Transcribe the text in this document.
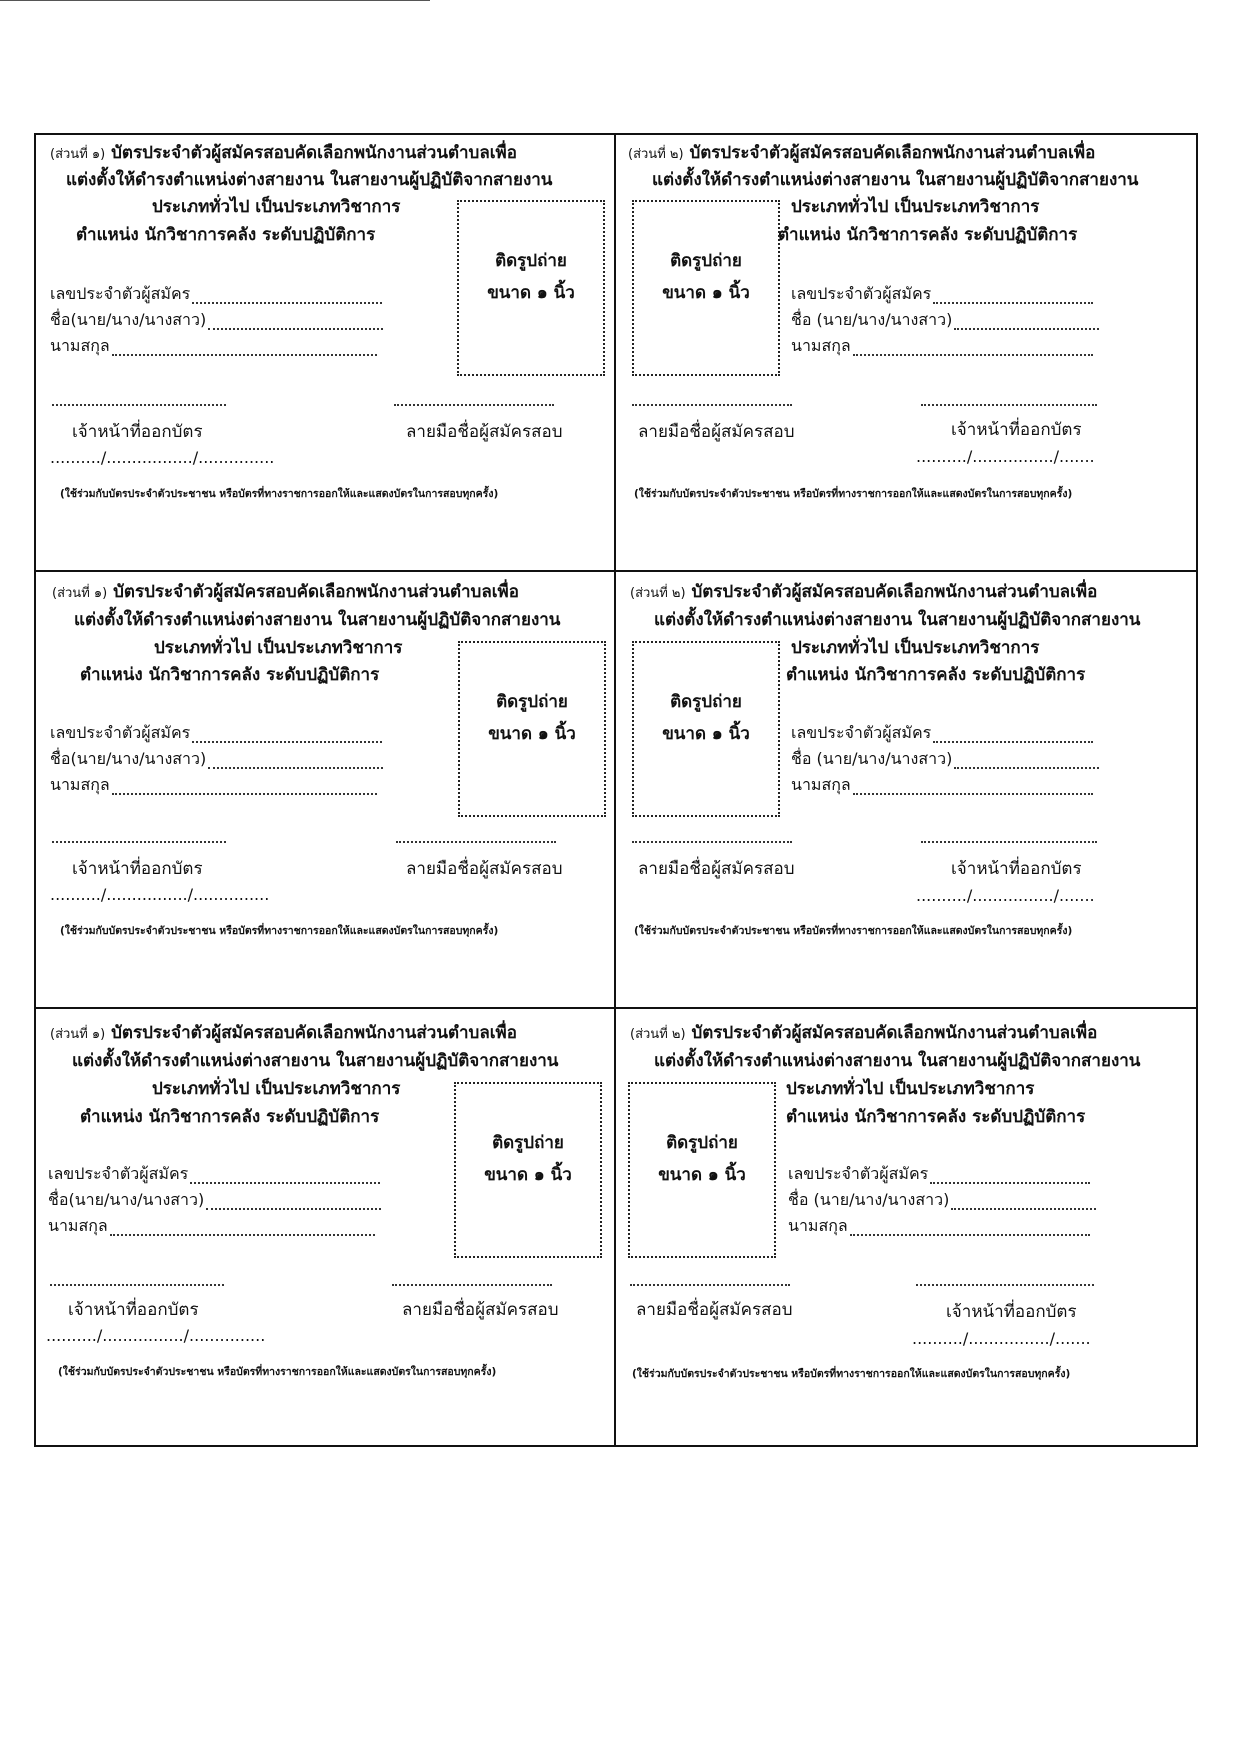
(ส่วนที่ ๑) บัตรประจำตัวผู้สมัครสอบคัดเลือกพนักงานส่วนตำบลเพื่อ
แต่งตั้งให้ดำรงตำแหน่งต่างสายงาน ในสายงานผู้ปฏิบัติจากสายงาน
ประเภททั่วไป เป็นประเภทวิชาการ
ตำแหน่ง นักวิชาการคลัง ระดับปฏิบัติการ
ติดรูปถ่าย
ขนาด ๑ นิ้ว
เลขประจำตัวผู้สมัคร
ชื่อ(นาย/นาง/นางสาว)
นามสกุล
เจ้าหน้าที่ออกบัตร	ลายมือชื่อผู้สมัครสอบ
........../................./...............
(ใช้ร่วมกับบัตรประจำตัวประชาชน หรือบัตรที่ทางราชการออกให้และแสดงบัตรในการสอบทุกครั้ง)
(ส่วนที่ ๒) บัตรประจำตัวผู้สมัครสอบคัดเลือกพนักงานส่วนตำบลเพื่อ
แต่งตั้งให้ดำรงตำแหน่งต่างสายงาน ในสายงานผู้ปฏิบัติจากสายงาน
ประเภททั่วไป เป็นประเภทวิชาการ
ตำแหน่ง นักวิชาการคลัง ระดับปฏิบัติการ
ติดรูปถ่าย
ขนาด ๑ นิ้ว	เลขประจำตัวผู้สมัคร
ชื่อ (นาย/นาง/นางสาว)
นามสกุล
ลายมือชื่อผู้สมัครสอบ	เจ้าหน้าที่ออกบัตร
........../................/.......
(ใช้ร่วมกับบัตรประจำตัวประชาชน หรือบัตรที่ทางราชการออกให้และแสดงบัตรในการสอบทุกครั้ง)
(ส่วนที่ ๑) บัตรประจำตัวผู้สมัครสอบคัดเลือกพนักงานส่วนตำบลเพื่อ
แต่งตั้งให้ดำรงตำแหน่งต่างสายงาน ในสายงานผู้ปฏิบัติจากสายงาน
ประเภททั่วไป เป็นประเภทวิชาการ
ตำแหน่ง นักวิชาการคลัง ระดับปฏิบัติการ
ติดรูปถ่าย
ขนาด ๑ นิ้ว
เลขประจำตัวผู้สมัคร
ชื่อ(นาย/นาง/นางสาว)
นามสกุล
เจ้าหน้าที่ออกบัตร	ลายมือชื่อผู้สมัครสอบ
........../................/...............
(ใช้ร่วมกับบัตรประจำตัวประชาชน หรือบัตรที่ทางราชการออกให้และแสดงบัตรในการสอบทุกครั้ง)
(ส่วนที่ ๒) บัตรประจำตัวผู้สมัครสอบคัดเลือกพนักงานส่วนตำบลเพื่อ
แต่งตั้งให้ดำรงตำแหน่งต่างสายงาน ในสายงานผู้ปฏิบัติจากสายงาน
ประเภททั่วไป เป็นประเภทวิชาการ
ตำแหน่ง นักวิชาการคลัง ระดับปฏิบัติการ
ติดรูปถ่าย
ขนาด ๑ นิ้ว	เลขประจำตัวผู้สมัคร
ชื่อ (นาย/นาง/นางสาว)
นามสกุล
ลายมือชื่อผู้สมัครสอบ	เจ้าหน้าที่ออกบัตร
........../................/.......
(ใช้ร่วมกับบัตรประจำตัวประชาชน หรือบัตรที่ทางราชการออกให้และแสดงบัตรในการสอบทุกครั้ง)
(ส่วนที่ ๑) บัตรประจำตัวผู้สมัครสอบคัดเลือกพนักงานส่วนตำบลเพื่อ
แต่งตั้งให้ดำรงตำแหน่งต่างสายงาน ในสายงานผู้ปฏิบัติจากสายงาน
ประเภททั่วไป เป็นประเภทวิชาการ
ตำแหน่ง นักวิชาการคลัง ระดับปฏิบัติการ
ติดรูปถ่าย
ขนาด ๑ นิ้ว
เลขประจำตัวผู้สมัคร
ชื่อ(นาย/นาง/นางสาว)
นามสกุล
เจ้าหน้าที่ออกบัตร	ลายมือชื่อผู้สมัครสอบ
........../................/...............
(ใช้ร่วมกับบัตรประจำตัวประชาชน หรือบัตรที่ทางราชการออกให้และแสดงบัตรในการสอบทุกครั้ง)
(ส่วนที่ ๒) บัตรประจำตัวผู้สมัครสอบคัดเลือกพนักงานส่วนตำบลเพื่อ
แต่งตั้งให้ดำรงตำแหน่งต่างสายงาน ในสายงานผู้ปฏิบัติจากสายงาน
ประเภททั่วไป เป็นประเภทวิชาการ
ตำแหน่ง นักวิชาการคลัง ระดับปฏิบัติการ
ติดรูปถ่าย
ขนาด ๑ นิ้ว	เลขประจำตัวผู้สมัคร
ชื่อ (นาย/นาง/นางสาว)
นามสกุล
ลายมือชื่อผู้สมัครสอบ	เจ้าหน้าที่ออกบัตร
........../................/.......
(ใช้ร่วมกับบัตรประจำตัวประชาชน หรือบัตรที่ทางราชการออกให้และแสดงบัตรในการสอบทุกครั้ง)
